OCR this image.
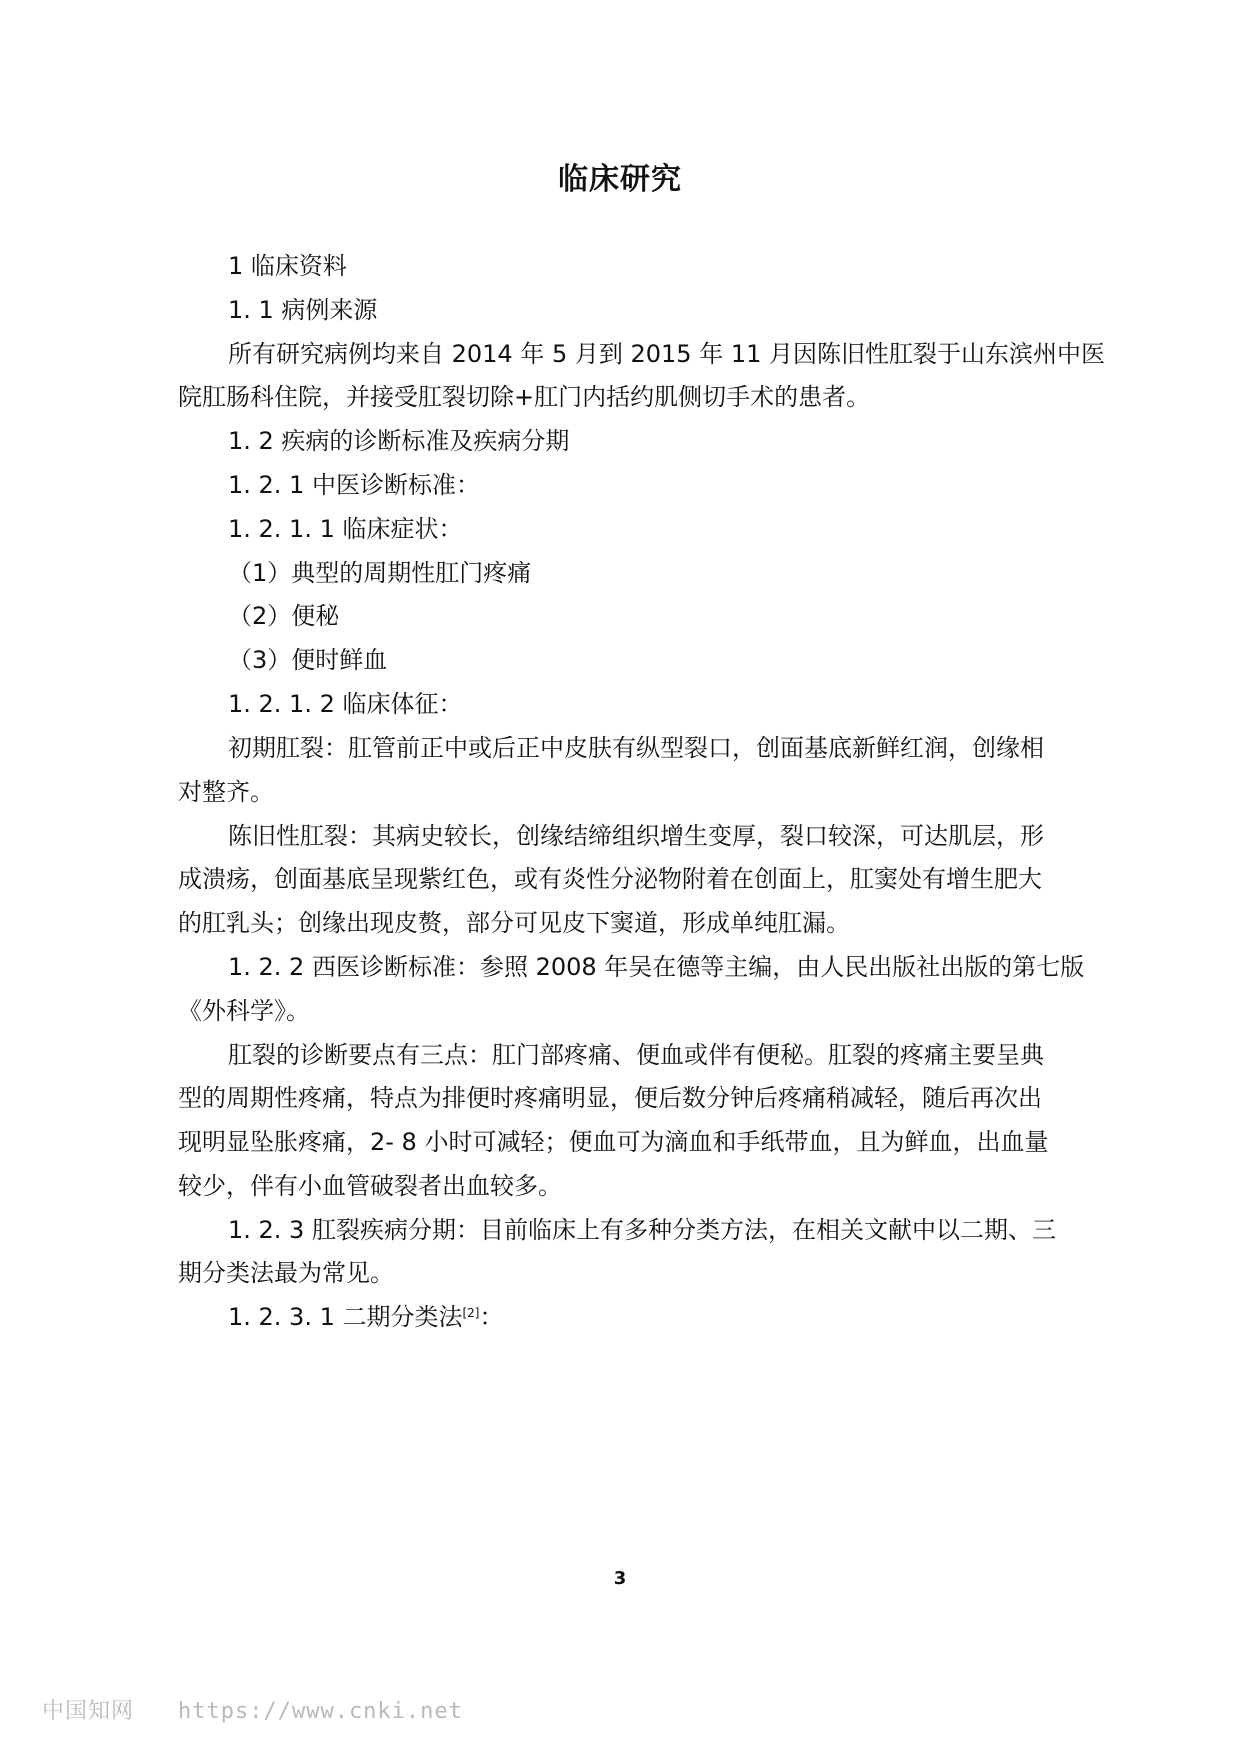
临床研究
1 临床资料
1. 1 病例来源
所有研究病例均来自 2014 年 5 月到 2015 年 11 月因陈旧性肛裂于山东滨州中医
院肛肠科住院，并接受肛裂切除+肛门内括约肌侧切手术的患者。
1. 2 疾病的诊断标准及疾病分期
1. 2. 1 中医诊断标准：
1. 2. 1. 1 临床症状：
（1）典型的周期性肛门疼痛
（2）便秘
（3）便时鲜血
1. 2. 1. 2 临床体征：
初期肛裂：肛管前正中或后正中皮肤有纵型裂口，创面基底新鲜红润，创缘相
对整齐。
陈旧性肛裂：其病史较长，创缘结缔组织增生变厚，裂口较深，可达肌层，形
成溃疡，创面基底呈现紫红色，或有炎性分泌物附着在创面上，肛窦处有增生肥大
的肛乳头；创缘出现皮赘，部分可见皮下窦道，形成单纯肛漏。
1. 2. 2 西医诊断标准：参照 2008 年吴在德等主编，由人民出版社出版的第七版
《外科学》。
肛裂的诊断要点有三点：肛门部疼痛、便血或伴有便秘。肛裂的疼痛主要呈典
型的周期性疼痛，特点为排便时疼痛明显，便后数分钟后疼痛稍减轻，随后再次出
现明显坠胀疼痛，2- 8 小时可减轻；便血可为滴血和手纸带血，且为鲜血，出血量
较少，伴有小血管破裂者出血较多。
1. 2. 3 肛裂疾病分期：目前临床上有多种分类方法，在相关文献中以二期、三
期分类法最为常见。
1. 2. 3. 1 二期分类法[2]：
3
中国知网 https://www.cnki.net
